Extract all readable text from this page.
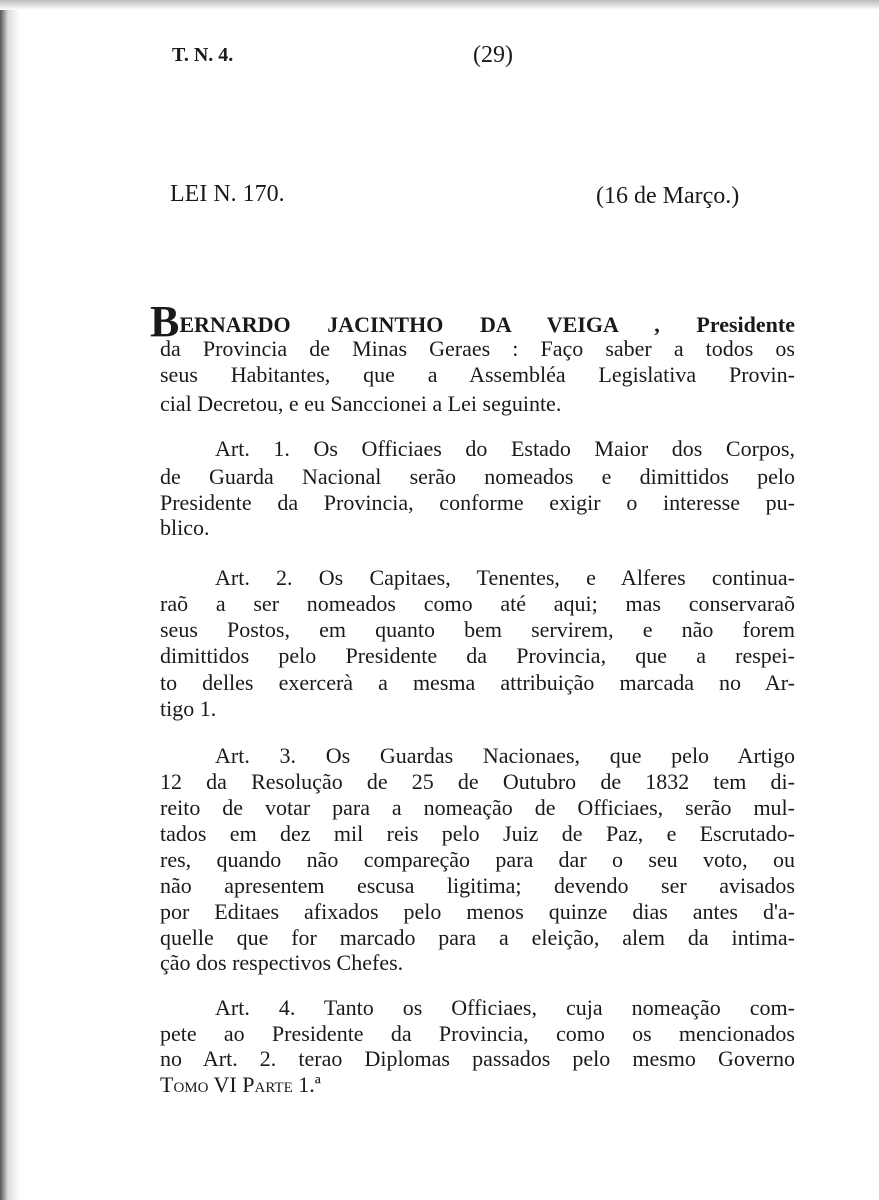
T. N. 4.	(29)
LEI N. 170.	(16 de Março.)
BERNARDO JACINTHO DA VEIGA , Presidente
da Provincia de Minas Geraes : Faço saber a todos os
seus Habitantes, que a Assembléa Legislativa Provin-
cial Decretou, e eu Sanccionei a Lei seguinte.
Art. 1. Os Officiaes do Estado Maior dos Corpos,
de Guarda Nacional serão nomeados e dimittidos pelo
Presidente da Provincia, conforme exigir o interesse pu-
blico.
Art. 2. Os Capitaes, Tenentes, e Alferes continua-
raõ a ser nomeados como até aqui; mas conservaraõ
seus Postos, em quanto bem servirem, e não forem
dimittidos pelo Presidente da Provincia, que a respei-
to delles exercerà a mesma attribuição marcada no Ar-
tigo 1.
Art. 3. Os Guardas Nacionaes, que pelo Artigo
12 da Resolução de 25 de Outubro de 1832 tem di-
reito de votar para a nomeação de Officiaes, serão mul-
tados em dez mil reis pelo Juiz de Paz, e Escrutado-
res, quando não compareção para dar o seu voto, ou
não apresentem escusa ligitima; devendo ser avisados
por Editaes afixados pelo menos quinze dias antes d'a-
quelle que for marcado para a eleição, alem da intima-
ção dos respectivos Chefes.
Art. 4. Tanto os Officiaes, cuja nomeação com-
pete ao Presidente da Provincia, como os mencionados
no Art. 2. terao Diplomas passados pelo mesmo Governo
Tomo VI Parte 1.ª
